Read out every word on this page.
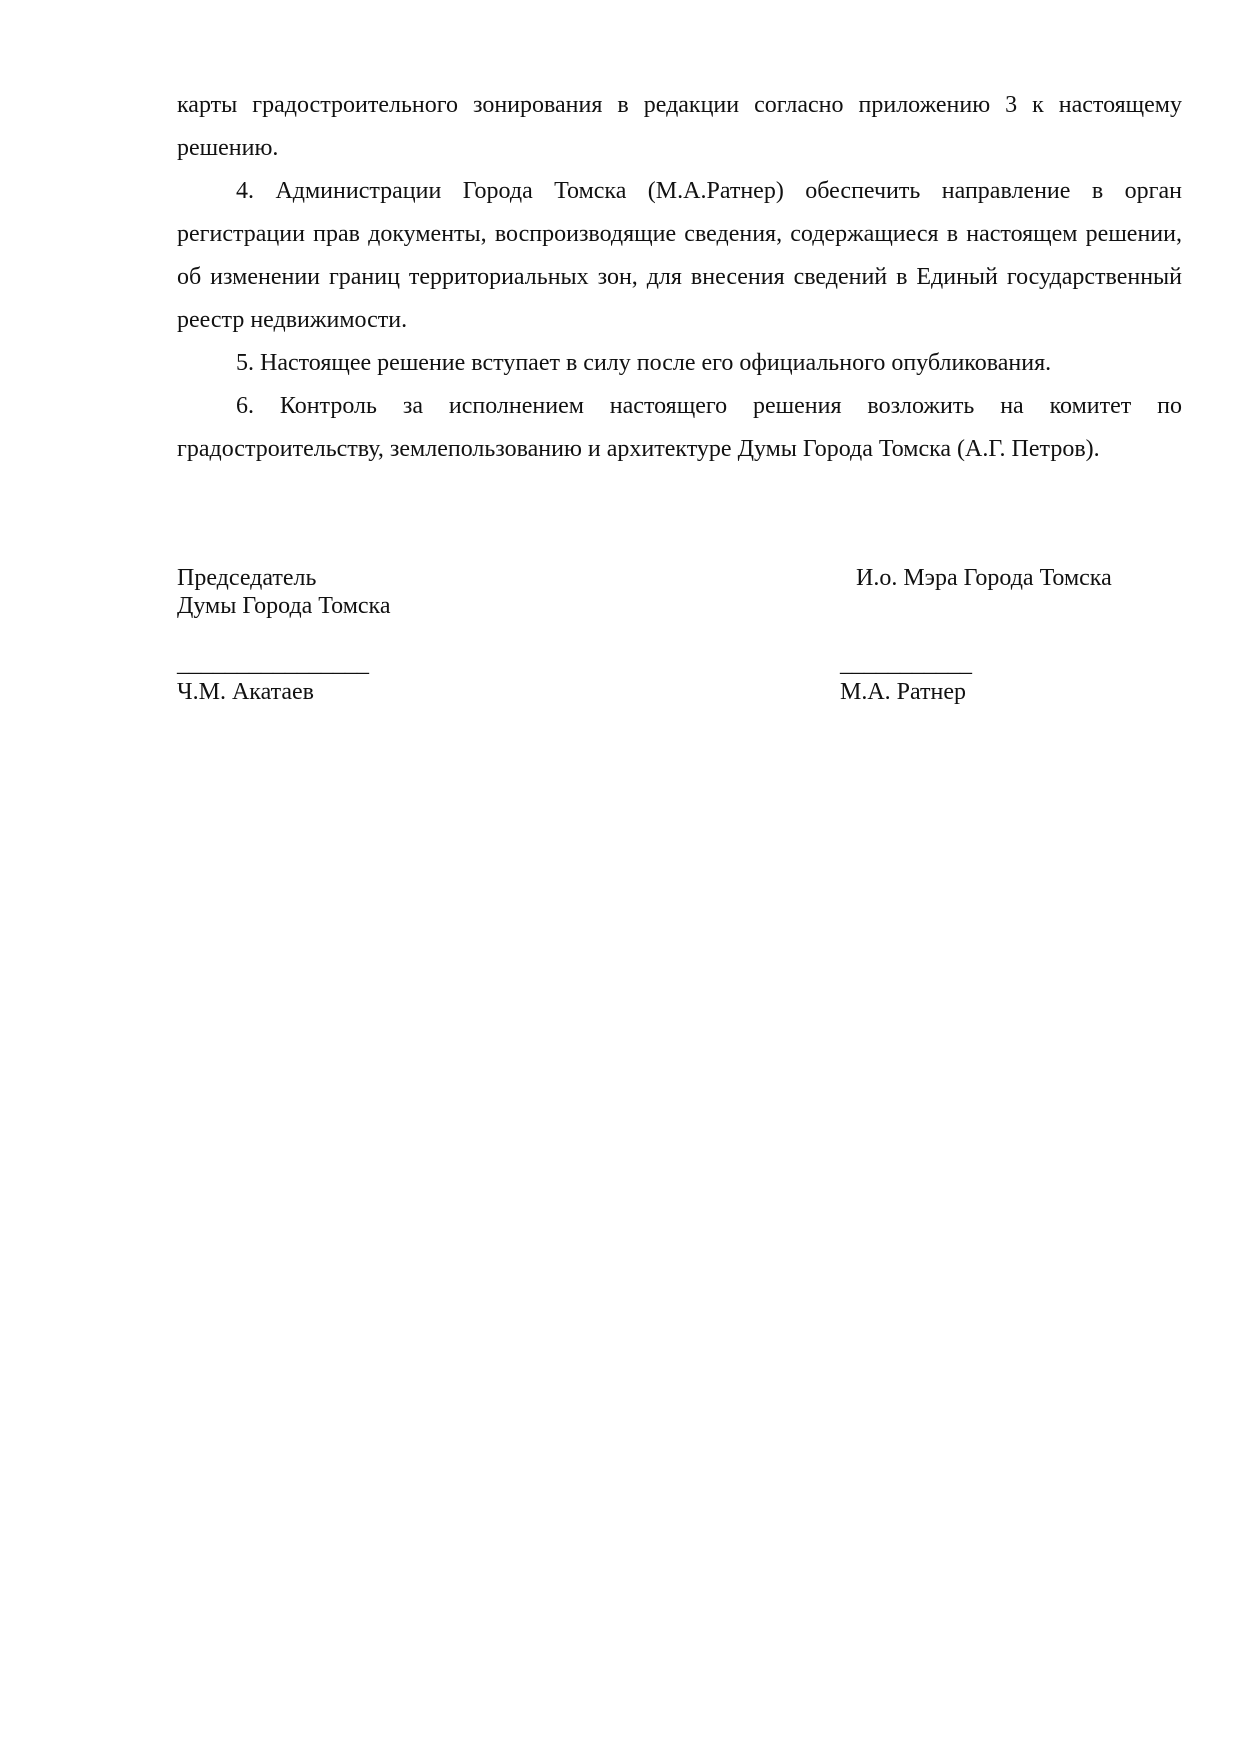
карты градостроительного зонирования в редакции согласно приложению 3 к настоящему решению.

4. Администрации Города Томска (М.А.Ратнер) обеспечить направление в орган регистрации прав документы, воспроизводящие сведения, содержащиеся в настоящем решении, об изменении границ территориальных зон, для внесения сведений в Единый государственный реестр недвижимости.

5. Настоящее решение вступает в силу после его официального опубликования.

6. Контроль за исполнением настоящего решения возложить на комитет по градостроительству, землепользованию и архитектуре Думы Города Томска (А.Г. Петров).

Председатель
Думы Города Томска
И.о. Мэра Города Томска
________________
Ч.М. Акатаев
___________
М.А. Ратнер
